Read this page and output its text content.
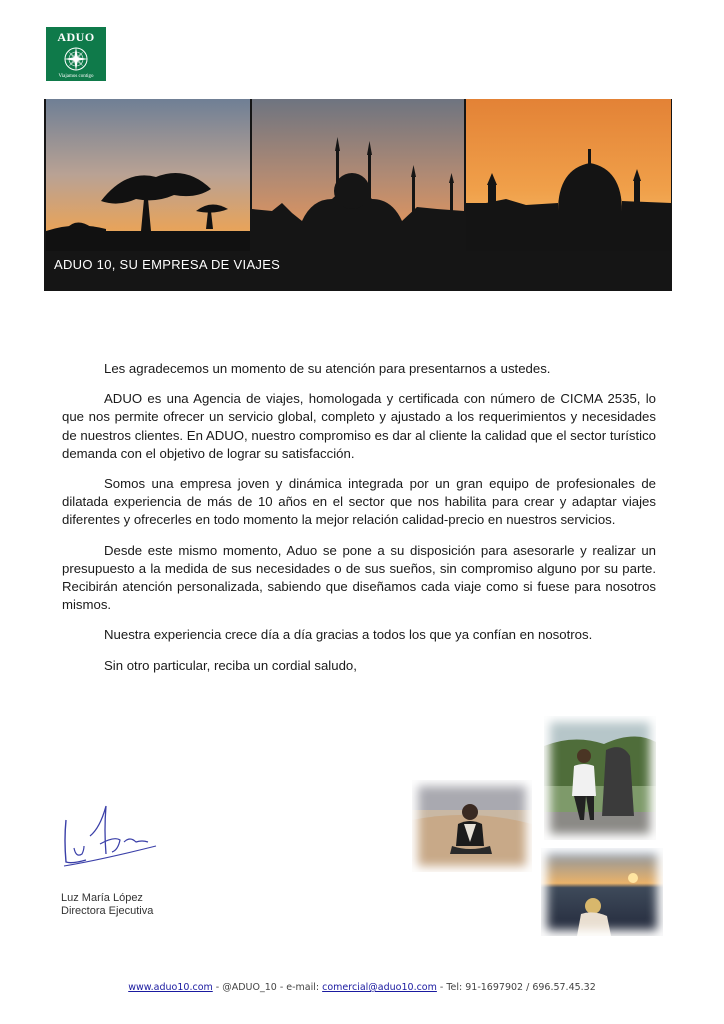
ADUO
Viajamos contigo
ADUO 10, SU EMPRESA DE VIAJES

Les agradecemos un momento de su atención para presentarnos a ustedes.

ADUO es una Agencia de viajes, homologada y certificada con número de CICMA 2535, lo que nos permite ofrecer un servicio global, completo y ajustado a los requerimientos y necesidades de nuestros clientes. En ADUO, nuestro compromiso es dar al cliente la calidad que el sector turístico demanda con el objetivo de lograr su satisfacción.

Somos una empresa joven y dinámica integrada por un gran equipo de profesionales de dilatada experiencia de más de 10 años en el sector que nos habilita para crear y adaptar viajes diferentes y ofrecerles en todo momento la mejor relación calidad-precio en nuestros servicios.

Desde este mismo momento, Aduo se pone a su disposición para asesorarle y realizar un presupuesto a la medida de sus necesidades o de sus sueños, sin compromiso alguno por su parte. Recibirán atención personalizada, sabiendo que diseñamos cada viaje como si fuese para nosotros mismos.

Nuestra experiencia crece día a día gracias a todos los que ya confían en nosotros.

Sin otro particular, reciba un cordial saludo,

Luz María López
Directora Ejecutiva
www.aduo10.com - @ADUO_10 - e-mail: comercial@aduo10.com - Tel: 91-1697902 / 696.57.45.32
